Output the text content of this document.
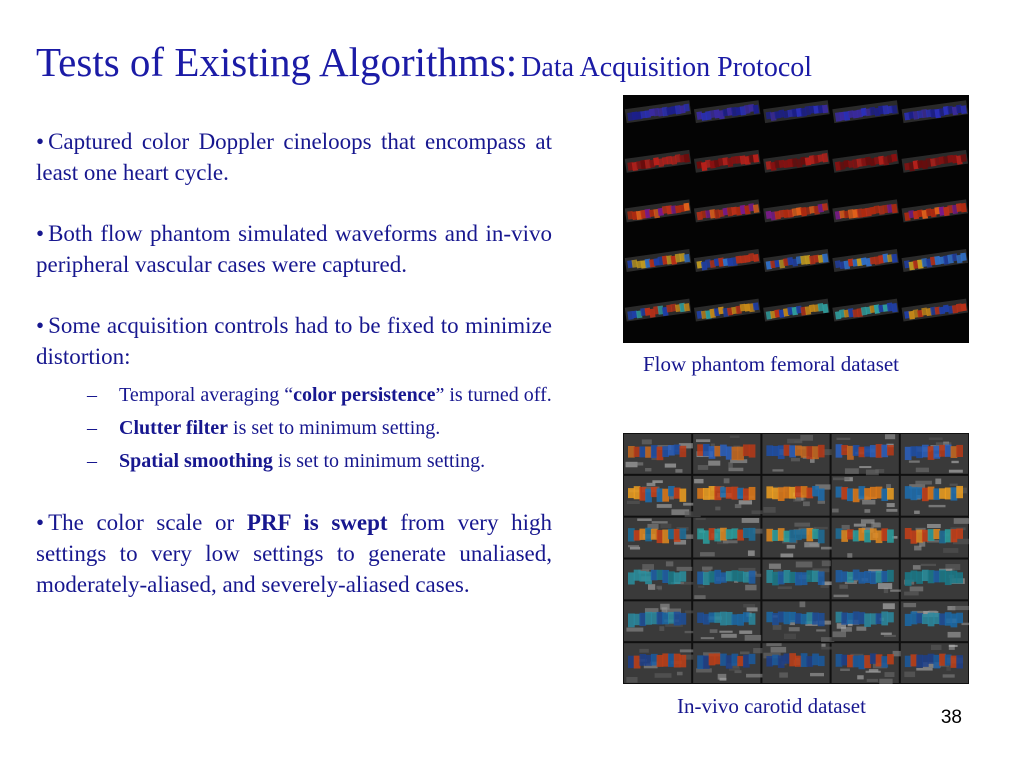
Tests of Existing Algorithms: Data Acquisition Protocol
• Captured color Doppler cineloops that encompass at least one heart cycle.
• Both flow phantom simulated waveforms and in-vivo peripheral vascular cases were captured.
• Some acquisition controls had to be fixed to minimize distortion:
– Temporal averaging “color persistence” is turned off.
– Clutter filter is set to minimum setting.
– Spatial smoothing is set to minimum setting.
• The color scale or PRF is swept from very high settings to very low settings to generate unaliased, moderately-aliased, and severely-aliased cases.
Flow phantom femoral dataset
In-vivo carotid dataset	38
